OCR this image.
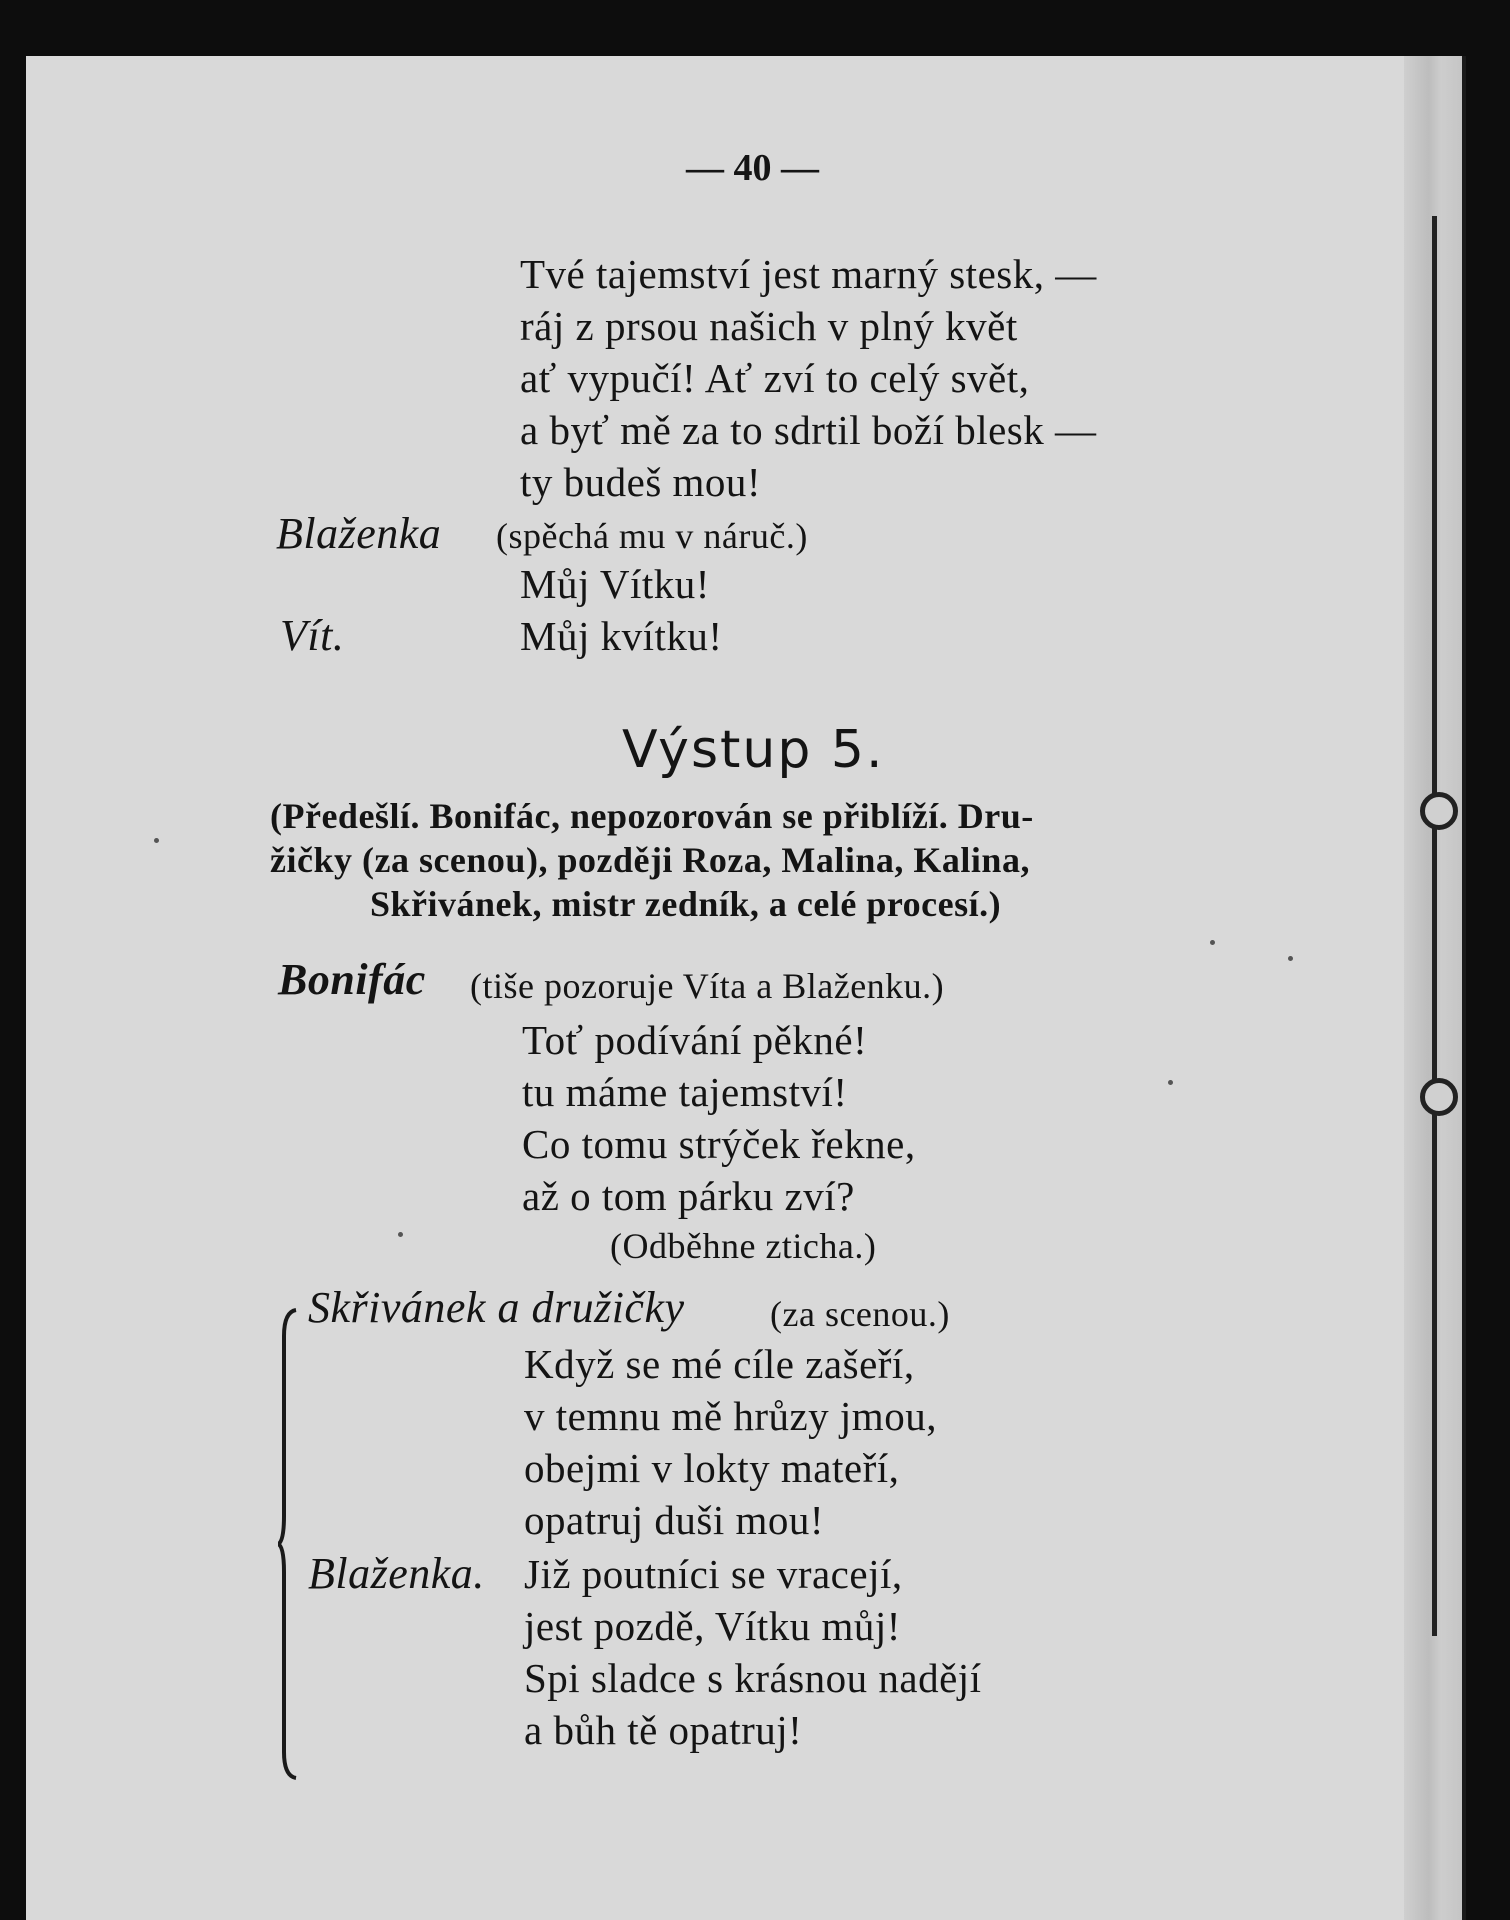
— 40 —
Tvé tajemství jest marný stesk, —
ráj z prsou našich v plný květ
ať vypučí! Ať zví to celý svět,
a byť mě za to sdrtil boží blesk —
ty budeš mou!
Blaženka (spěchá mu v náruč.)
Můj Vítku!
Vít.	Můj kvítku!
Výstup 5.
(Předešlí. Bonifác, nepozorován se přiblíží. Dru-
žičky (za scenou), později Roza, Malina, Kalina,
Skřivánek, mistr zedník, a celé procesí.)
Bonifác (tiše pozoruje Víta a Blaženku.)
Toť podívání pěkné!
tu máme tajemství!
Co tomu strýček řekne,
až o tom párku zví?
(Odběhne zticha.)
Skřivánek a družičky (za scenou.)
Když se mé cíle zašeří,
v temnu mě hrůzy jmou,
obejmi v lokty mateří,
opatruj duši mou!
Blaženka. Již poutníci se vracejí,
jest pozdě, Vítku můj!
Spi sladce s krásnou nadějí
a bůh tě opatruj!
